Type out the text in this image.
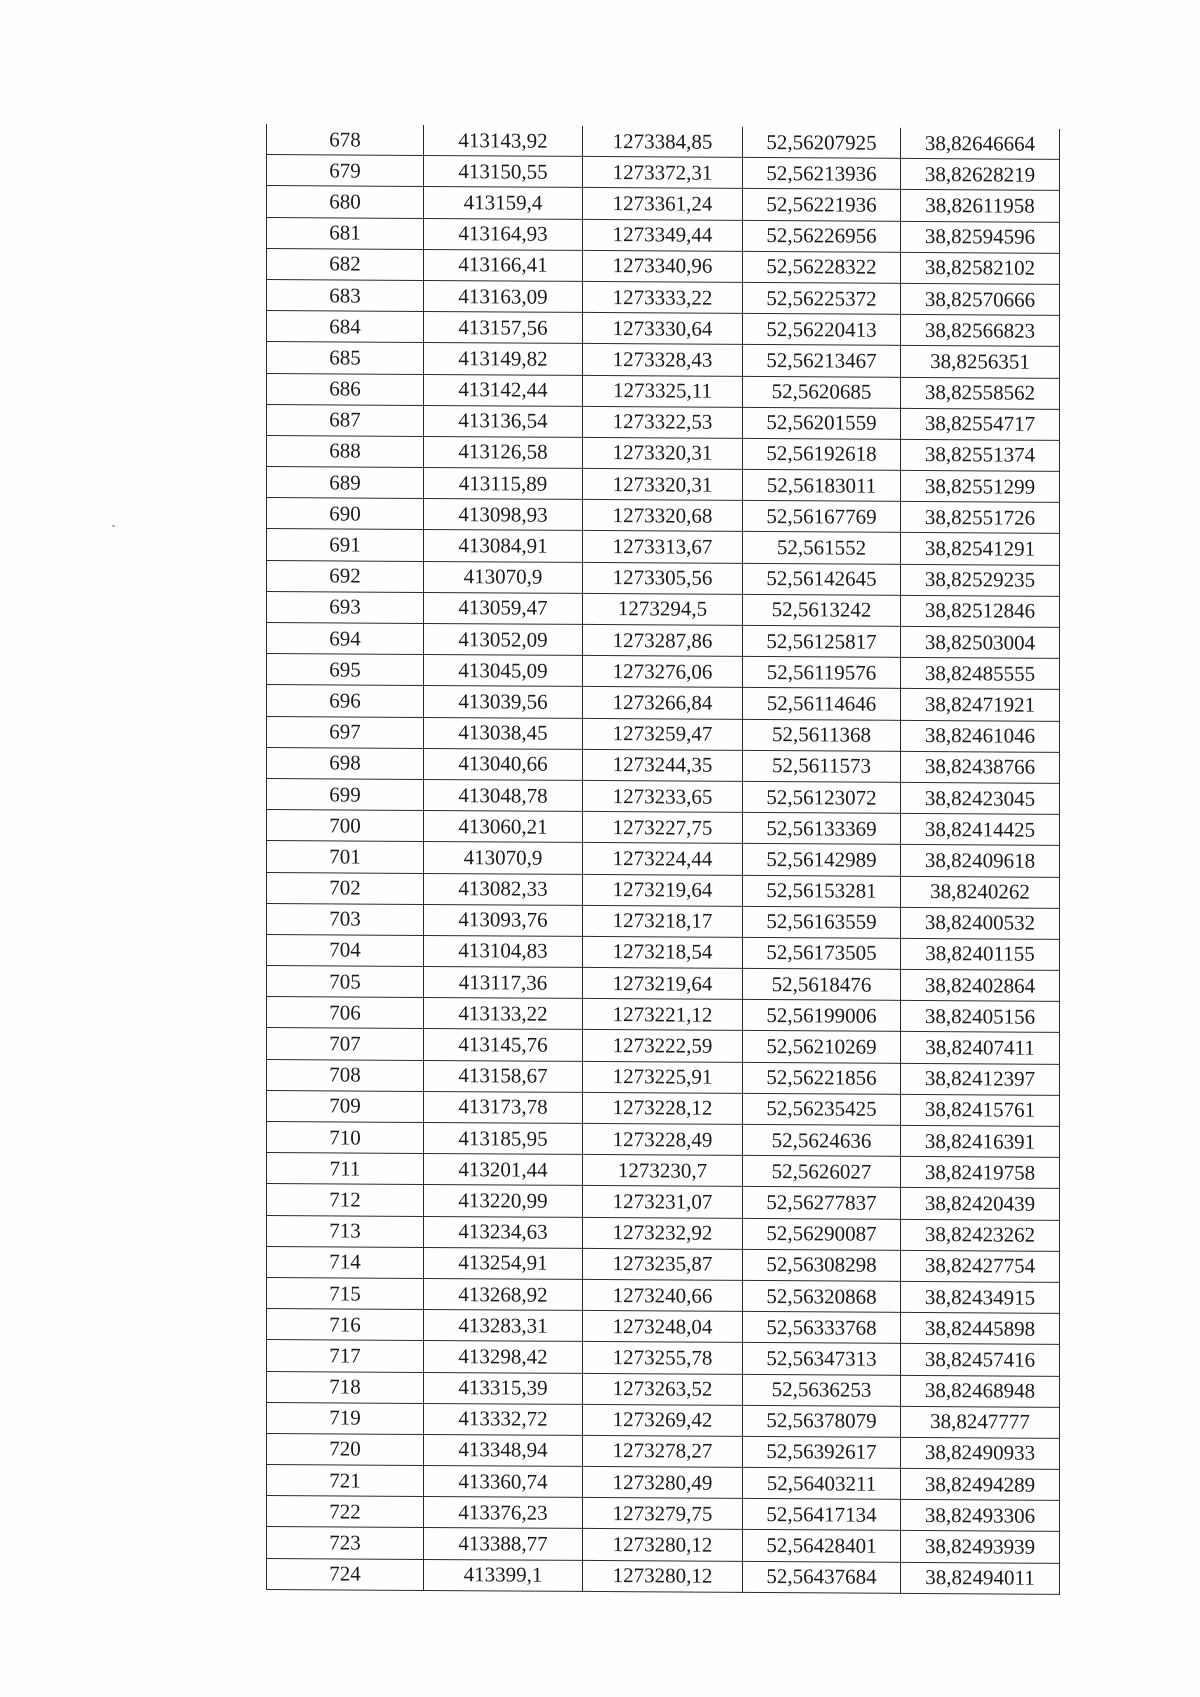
678	413143,92	1273384,85	52,56207925	38,82646664
679	413150,55	1273372,31	52,56213936	38,82628219
680	413159,4	1273361,24	52,56221936	38,82611958
681	413164,93	1273349,44	52,56226956	38,82594596
682	413166,41	1273340,96	52,56228322	38,82582102
683	413163,09	1273333,22	52,56225372	38,82570666
684	413157,56	1273330,64	52,56220413	38,82566823
685	413149,82	1273328,43	52,56213467	38,8256351
686	413142,44	1273325,11	52,5620685	38,82558562
687	413136,54	1273322,53	52,56201559	38,82554717
688	413126,58	1273320,31	52,56192618	38,82551374
689	413115,89	1273320,31	52,56183011	38,82551299
690	413098,93	1273320,68	52,56167769	38,82551726
691	413084,91	1273313,67	52,561552	38,82541291
692	413070,9	1273305,56	52,56142645	38,82529235
693	413059,47	1273294,5	52,5613242	38,82512846
694	413052,09	1273287,86	52,56125817	38,82503004
695	413045,09	1273276,06	52,56119576	38,82485555
696	413039,56	1273266,84	52,56114646	38,82471921
697	413038,45	1273259,47	52,5611368	38,82461046
698	413040,66	1273244,35	52,5611573	38,82438766
699	413048,78	1273233,65	52,56123072	38,82423045
700	413060,21	1273227,75	52,56133369	38,82414425
701	413070,9	1273224,44	52,56142989	38,82409618
702	413082,33	1273219,64	52,56153281	38,8240262
703	413093,76	1273218,17	52,56163559	38,82400532
704	413104,83	1273218,54	52,56173505	38,82401155
705	413117,36	1273219,64	52,5618476	38,82402864
706	413133,22	1273221,12	52,56199006	38,82405156
707	413145,76	1273222,59	52,56210269	38,82407411
708	413158,67	1273225,91	52,56221856	38,82412397
709	413173,78	1273228,12	52,56235425	38,82415761
710	413185,95	1273228,49	52,5624636	38,82416391
711	413201,44	1273230,7	52,5626027	38,82419758
712	413220,99	1273231,07	52,56277837	38,82420439
713	413234,63	1273232,92	52,56290087	38,82423262
714	413254,91	1273235,87	52,56308298	38,82427754
715	413268,92	1273240,66	52,56320868	38,82434915
716	413283,31	1273248,04	52,56333768	38,82445898
717	413298,42	1273255,78	52,56347313	38,82457416
718	413315,39	1273263,52	52,5636253	38,82468948
719	413332,72	1273269,42	52,56378079	38,8247777
720	413348,94	1273278,27	52,56392617	38,82490933
721	413360,74	1273280,49	52,56403211	38,82494289
722	413376,23	1273279,75	52,56417134	38,82493306
723	413388,77	1273280,12	52,56428401	38,82493939
724	413399,1	1273280,12	52,56437684	38,82494011
